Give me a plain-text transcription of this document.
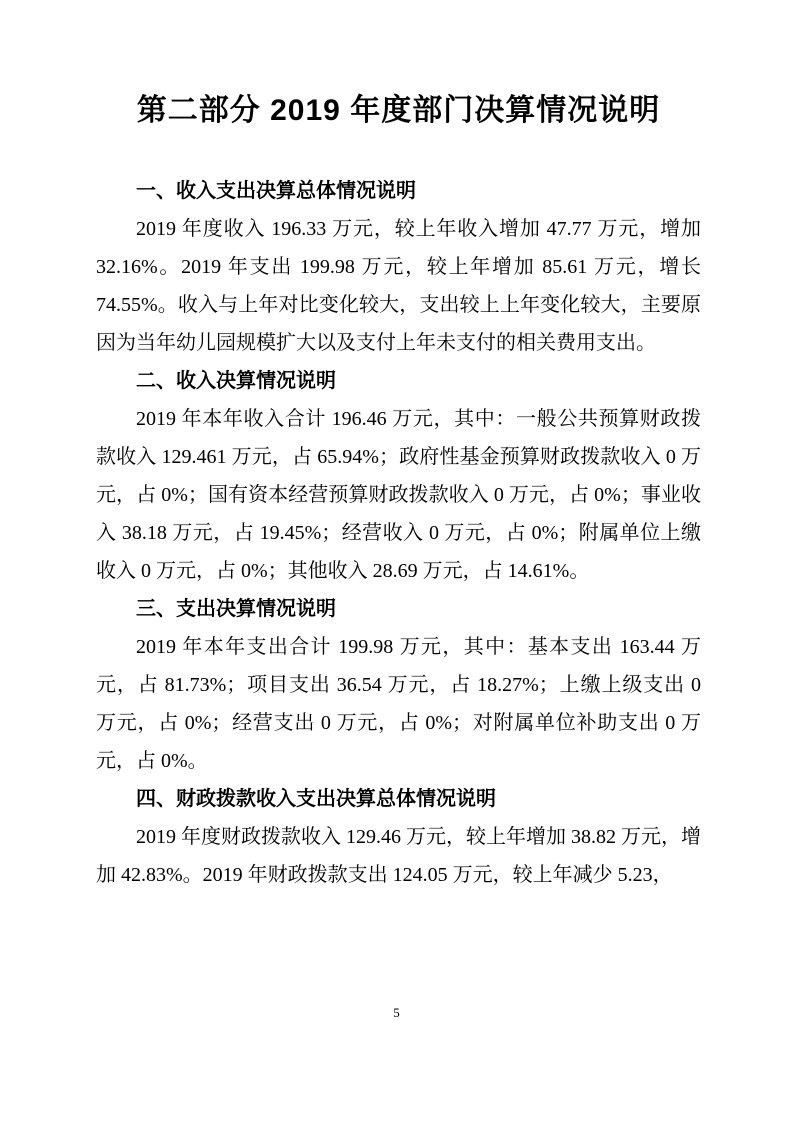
第二部分 2019 年度部门决算情况说明
一、收入支出决算总体情况说明

2019 年度收入 196.33 万元，较上年收入增加 47.77 万元，增加 32.16%。2019 年支出 199.98 万元，较上年增加 85.61 万元，增长 74.55%。收入与上年对比变化较大，支出较上上年变化较大，主要原因为当年幼儿园规模扩大以及支付上年未支付的相关费用支出。

二、收入决算情况说明

2019 年本年收入合计 196.46 万元，其中：一般公共预算财政拨款收入 129.461 万元，占 65.94%；政府性基金预算财政拨款收入 0 万元，占 0%；国有资本经营预算财政拨款收入 0 万元，占 0%；事业收入 38.18 万元，占 19.45%；经营收入 0 万元，占 0%；附属单位上缴收入 0 万元，占 0%；其他收入 28.69 万元，占 14.61%。

三、支出决算情况说明

2019 年本年支出合计 199.98 万元，其中：基本支出 163.44 万元，占 81.73%；项目支出 36.54 万元，占 18.27%；上缴上级支出 0 万元，占 0%；经营支出 0 万元，占 0%；对附属单位补助支出 0 万元，占 0%。

四、财政拨款收入支出决算总体情况说明

2019 年度财政拨款收入 129.46 万元，较上年增加 38.82 万元，增加 42.83%。2019 年财政拨款支出 124.05 万元，较上年减少 5.23，

5
